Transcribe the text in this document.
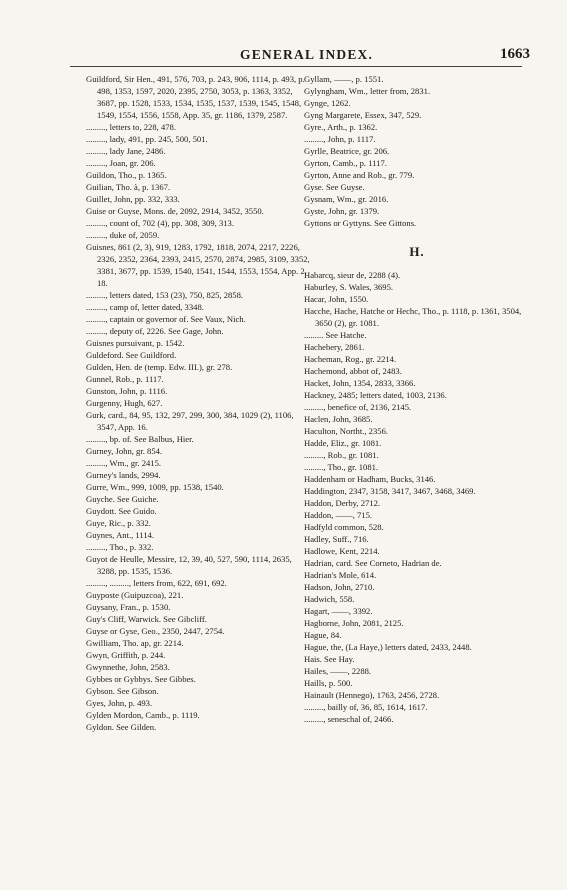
GENERAL INDEX.	1663
Guildford, Sir Hen., 491, 576, 703, p. 243, 906, 1114, p. 493, p. 498, 1353, 1597, 2020, 2395, 2750, 3053, p. 1363, 3352, 3687, pp. 1528, 1533, 1534, 1535, 1537, 1539, 1545, 1548, 1549, 1554, 1556, 1558, App. 35, gr. 1186, 1379, 2587.
........., letters to, 228, 478.
........., lady, 491, pp. 245, 500, 501.
........., lady Jane, 2486.
........., Joan, gr. 206.
Guildon, Tho., p. 1365.
Guilian, Tho. à, p. 1367.
Guillet, John, pp. 332, 333.
Guise or Guyse, Mons. de, 2092, 2914, 3452, 3550.
........., count of, 702 (4), pp. 308, 309, 313.
........., duke of, 2059.
Guisnes, 861 (2, 3), 919, 1283, 1792, 1818, 2074, 2217, 2226, 2326, 2352, 2364, 2393, 2415, 2570, 2874, 2985, 3109, 3352, 3381, 3677, pp. 1539, 1540, 1541, 1544, 1553, 1554, App. 2, 18.
........., letters dated, 153 (23), 750, 825, 2858.
........., camp of, letter dated, 3348.
........., captain or governor of. See Vaux, Nich.
........., deputy of, 2226. See Gage, John.
Guisnes pursuivant, p. 1542.
Guldeford. See Guildford.
Gulden, Hen. de (temp. Edw. III.), gr. 278.
Gunnel, Rob., p. 1117.
Gunston, John, p. 1116.
Gurgenny, Hugh, 627.
Gurk, card., 84, 95, 132, 297, 299, 300, 384, 1029 (2), 1106, 3547, App. 16.
........., bp. of. See Balbus, Hier.
Gurney, John, gr. 854.
........., Wm., gr. 2415.
Gurney's lands, 2994.
Gurre, Wm., 999, 1009, pp. 1538, 1540.
Guyche. See Guiche.
Guydott. See Guido.
Guye, Ric., p. 332.
Guynes, Ant., 1114.
........., Tho., p. 332.
Guyot de Heulle, Messire, 12, 39, 40, 527, 590, 1114, 2635, 3288, pp. 1535, 1536.
........., ........., letters from, 622, 691, 692.
Guyposte (Guipuzcoa), 221.
Guysany, Fran., p. 1530.
Guy's Cliff, Warwick. See Gibcliff.
Guyse or Gyse, Geo., 2350, 2447, 2754.
Gwilliam, Tho. ap, gr. 2214.
Gwyn, Griffith, p. 244.
Gwynnethe, John, 2583.
Gybbes or Gybbys. See Gibbes.
Gybson. See Gibson.
Gyes, John, p. 493.
Gylden Mordon, Camb., p. 1119.
Gyldon. See Gilden.
Gyllam, ——, p. 1551.
Gylyngham, Wm., letter from, 2831.
Gynge, 1262.
Gyng Margarete, Essex, 347, 529.
Gyre., Arth., p. 1362.
........., John, p. 1117.
Gyrlle, Beatrice, gr. 206.
Gyrton, Camb., p. 1117.
Gyrton, Anne and Rob., gr. 779.
Gyse. See Guyse.
Gysnam, Wm., gr. 2016.
Gyste, John, gr. 1379.
Gyttons or Gyttyns. See Gittons.
H.
Habarcq, sieur de, 2288 (4).
Haburley, S. Wales, 3695.
Hacar, John, 1550.
Hacche, Hache, Hatche or Hechc, Tho., p. 1118, p. 1361, 3504, 3650 (2), gr. 1081.
......... See Hatche.
Hachebery, 2861.
Hacheman, Rog., gr. 2214.
Hachemond, abbot of, 2483.
Hacket, John, 1354, 2833, 3366.
Hackney, 2485; letters dated, 1003, 2136.
........., benefice of, 2136, 2145.
Haclen, John, 3685.
Haculton, Northt., 2356.
Hadde, Eliz., gr. 1081.
........., Rob., gr. 1081.
........., Tho., gr. 1081.
Haddenham or Hadham, Bucks, 3146.
Haddington, 2347, 3158, 3417, 3467, 3468, 3469.
Haddon, Derby, 2712.
Haddon, ——, 715.
Hadfyld common, 528.
Hadley, Suff., 716.
Hadlowe, Kent, 2214.
Hadrian, card. See Corneto, Hadrian de.
Hadrian's Mole, 614.
Hadson, John, 2710.
Hadwich, 558.
Hagart, ——, 3392.
Hagborne, John, 2081, 2125.
Hague, 84.
Hague, the, (La Haye,) letters dated, 2433, 2448.
Hais. See Hay.
Hailes, ——, 2288.
Haills, p. 500.
Hainault (Hennego), 1763, 2456, 2728.
........., bailly of, 36, 85, 1614, 1617.
........., seneschal of, 2466.
